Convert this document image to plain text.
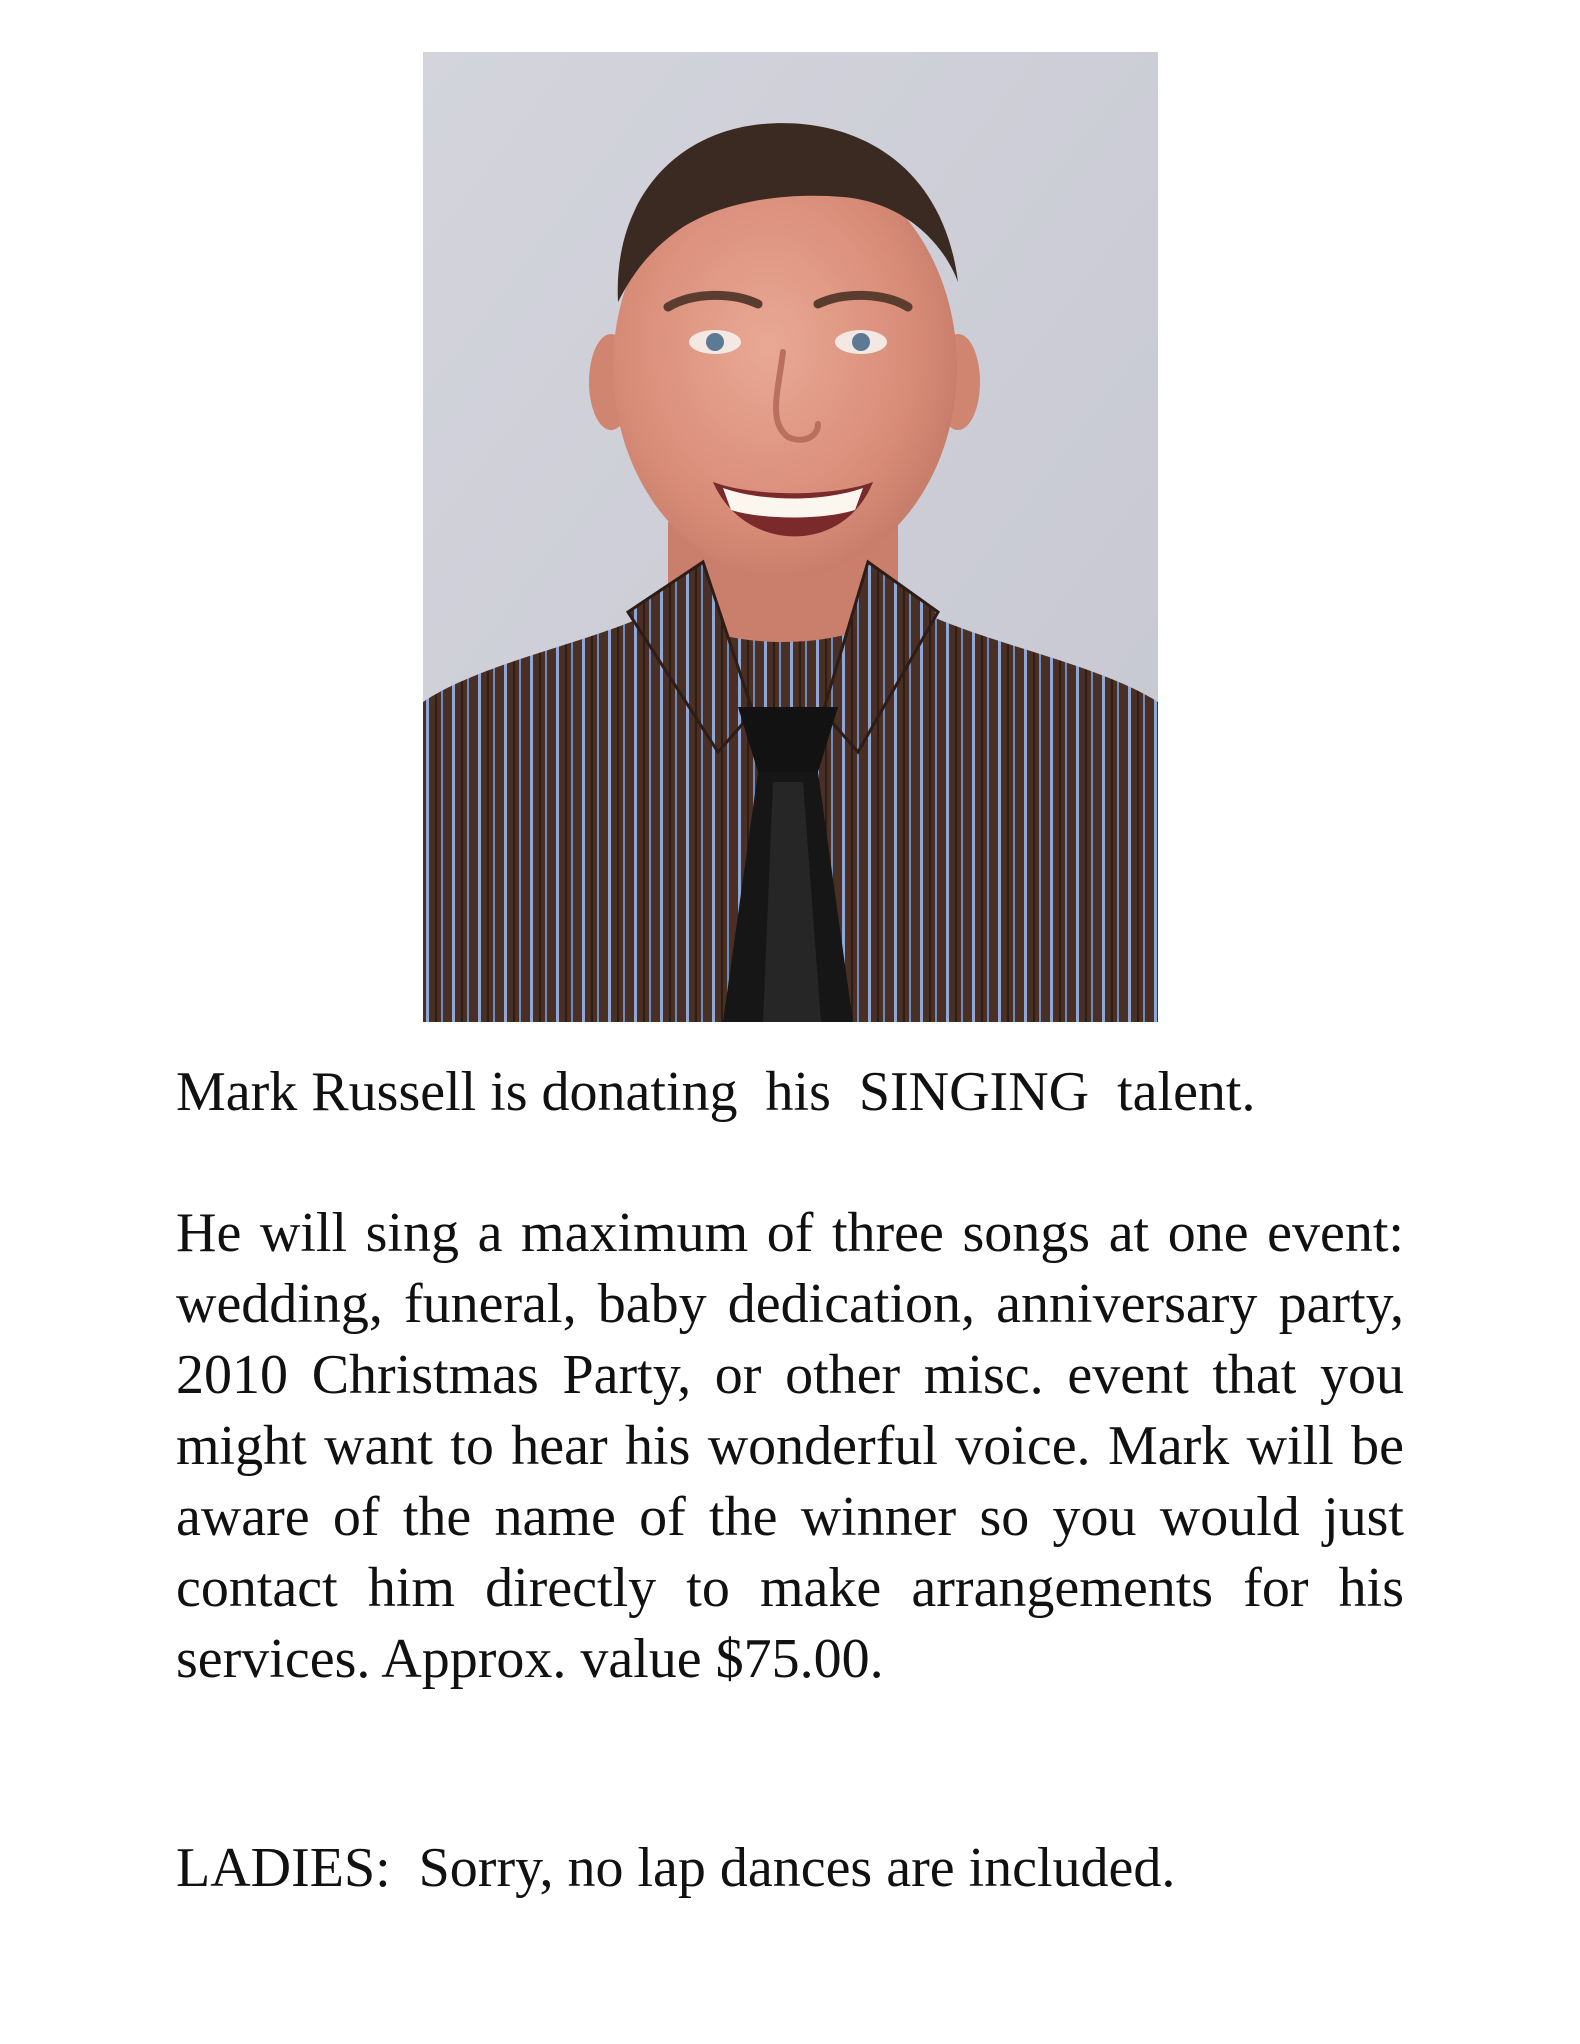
Mark Russell is donating  his  SINGING  talent.
He will sing a maximum of three songs at one event: wedding, funeral, baby dedication, anniversary party, 2010 Christmas Party, or other misc. event that you might want to hear his wonderful voice. Mark will be aware of the name of the winner so you would just contact him directly to make arrangements for his services. Approx. value $75.00.
LADIES:  Sorry, no lap dances are included.
